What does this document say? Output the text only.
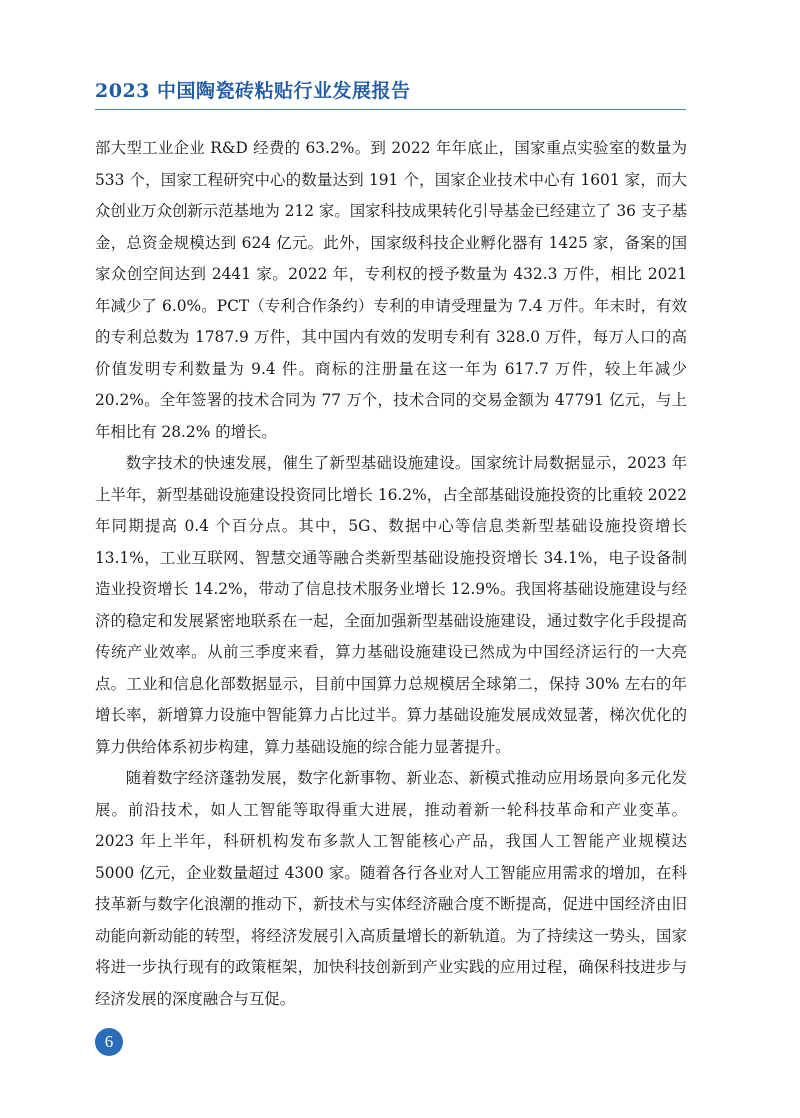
2023 中国陶瓷砖粘贴行业发展报告

部大型工业企业 R&D 经费的 63.2%。到 2022 年年底止，国家重点实验室的数量为 533 个，国家工程研究中心的数量达到 191 个，国家企业技术中心有 1601 家，而大众创业万众创新示范基地为 212 家。国家科技成果转化引导基金已经建立了 36 支子基金，总资金规模达到 624 亿元。此外，国家级科技企业孵化器有 1425 家，备案的国家众创空间达到 2441 家。2022 年，专利权的授予数量为 432.3 万件，相比 2021 年减少了 6.0%。PCT（专利合作条约）专利的申请受理量为 7.4 万件。年末时，有效的专利总数为 1787.9 万件，其中国内有效的发明专利有 328.0 万件，每万人口的高价值发明专利数量为 9.4 件。商标的注册量在这一年为 617.7 万件，较上年减少 20.2%。全年签署的技术合同为 77 万个，技术合同的交易金额为 47791 亿元，与上年相比有 28.2% 的增长。

数字技术的快速发展，催生了新型基础设施建设。国家统计局数据显示，2023 年上半年，新型基础设施建设投资同比增长 16.2%，占全部基础设施投资的比重较 2022 年同期提高 0.4 个百分点。其中，5G、数据中心等信息类新型基础设施投资增长 13.1%，工业互联网、智慧交通等融合类新型基础设施投资增长 34.1%，电子设备制造业投资增长 14.2%，带动了信息技术服务业增长 12.9%。我国将基础设施建设与经济的稳定和发展紧密地联系在一起，全面加强新型基础设施建设，通过数字化手段提高传统产业效率。从前三季度来看，算力基础设施建设已然成为中国经济运行的一大亮点。工业和信息化部数据显示，目前中国算力总规模居全球第二，保持 30% 左右的年增长率，新增算力设施中智能算力占比过半。算力基础设施发展成效显著，梯次优化的算力供给体系初步构建，算力基础设施的综合能力显著提升。

随着数字经济蓬勃发展，数字化新事物、新业态、新模式推动应用场景向多元化发展。前沿技术，如人工智能等取得重大进展，推动着新一轮科技革命和产业变革。2023 年上半年，科研机构发布多款人工智能核心产品，我国人工智能产业规模达 5000 亿元，企业数量超过 4300 家。随着各行各业对人工智能应用需求的增加，在科技革新与数字化浪潮的推动下，新技术与实体经济融合度不断提高，促进中国经济由旧动能向新动能的转型，将经济发展引入高质量增长的新轨道。为了持续这一势头，国家将进一步执行现有的政策框架，加快科技创新到产业实践的应用过程，确保科技进步与经济发展的深度融合与互促。

6
